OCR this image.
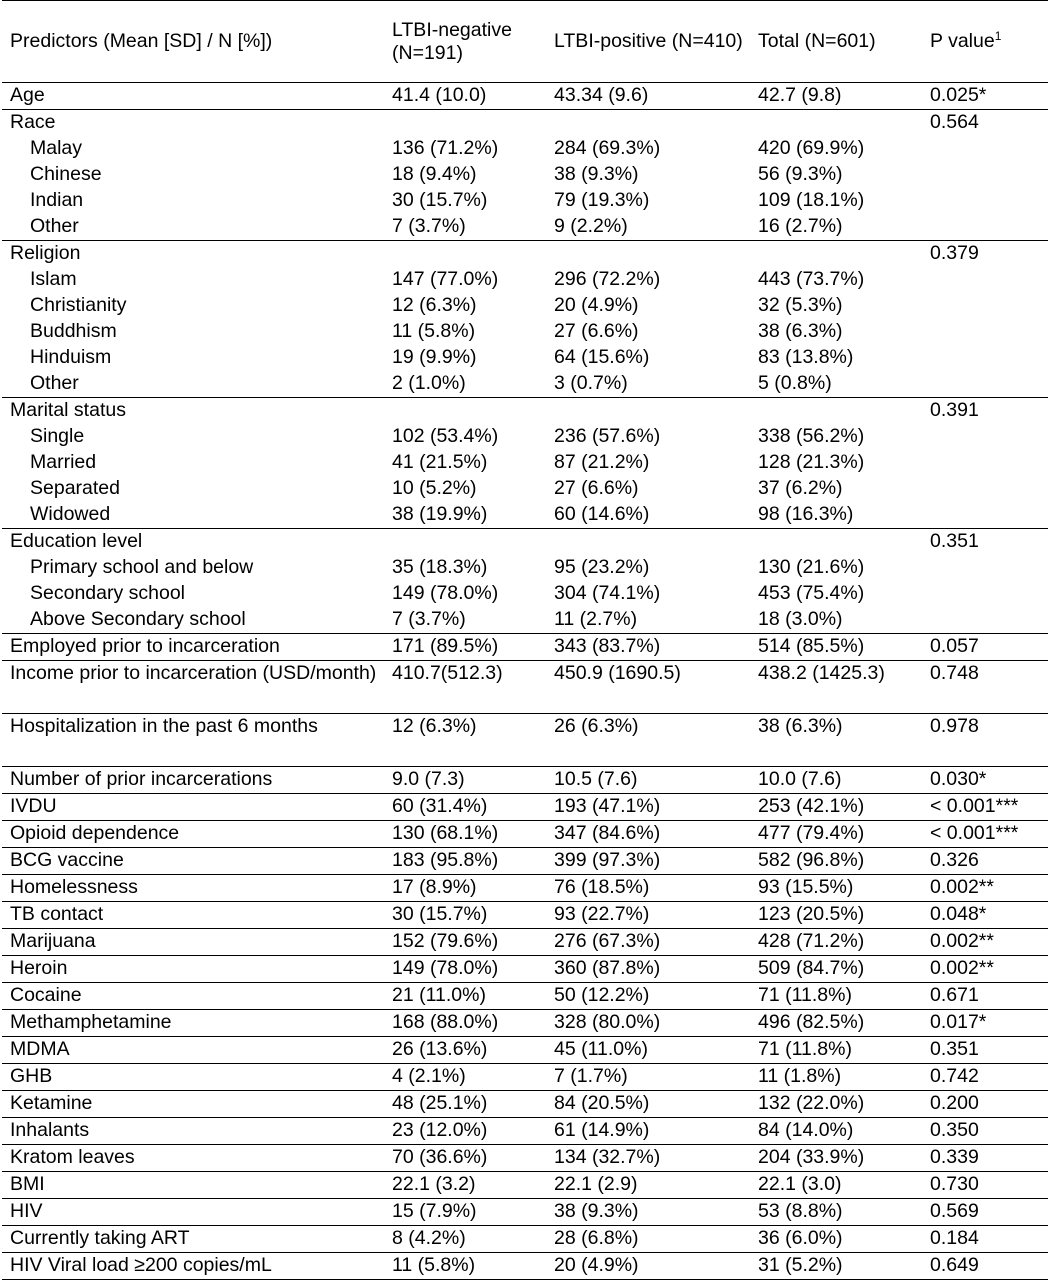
Predictors (Mean [SD] / N [%])	LTBI-negative (N=191)	LTBI-positive (N=410)	Total (N=601)	P value$^1$
Age	41.4 (10.0)	43.34 (9.6)	42.7 (9.8)	0.025*
Race				0.564
Malay	136 (71.2%)	284 (69.3%)	420 (69.9%)	
Chinese	18 (9.4%)	38 (9.3%)	56 (9.3%)	
Indian	30 (15.7%)	79 (19.3%)	109 (18.1%)	
Other	7 (3.7%)	9 (2.2%)	16 (2.7%)	
Religion				0.379
Islam	147 (77.0%)	296 (72.2%)	443 (73.7%)	
Christianity	12 (6.3%)	20 (4.9%)	32 (5.3%)	
Buddhism	11 (5.8%)	27 (6.6%)	38 (6.3%)	
Hinduism	19 (9.9%)	64 (15.6%)	83 (13.8%)	
Other	2 (1.0%)	3 (0.7%)	5 (0.8%)	
Marital status				0.391
Single	102 (53.4%)	236 (57.6%)	338 (56.2%)	
Married	41 (21.5%)	87 (21.2%)	128 (21.3%)	
Separated	10 (5.2%)	27 (6.6%)	37 (6.2%)	
Widowed	38 (19.9%)	60 (14.6%)	98 (16.3%)	
Education level				0.351
Primary school and below	35 (18.3%)	95 (23.2%)	130 (21.6%)	
Secondary school	149 (78.0%)	304 (74.1%)	453 (75.4%)	
Above Secondary school	7 (3.7%)	11 (2.7%)	18 (3.0%)	
Employed prior to incarceration	171 (89.5%)	343 (83.7%)	514 (85.5%)	0.057
Income prior to incarceration (USD/month)	410.7(512.3)	450.9 (1690.5)	438.2 (1425.3)	0.748
Hospitalization in the past 6 months	12 (6.3%)	26 (6.3%)	38 (6.3%)	0.978
Number of prior incarcerations	9.0 (7.3)	10.5 (7.6)	10.0 (7.6)	0.030*
IVDU	60 (31.4%)	193 (47.1%)	253 (42.1%)	< 0.001***
Opioid dependence	130 (68.1%)	347 (84.6%)	477 (79.4%)	< 0.001***
BCG vaccine	183 (95.8%)	399 (97.3%)	582 (96.8%)	0.326
Homelessness	17 (8.9%)	76 (18.5%)	93 (15.5%)	0.002**
TB contact	30 (15.7%)	93 (22.7%)	123 (20.5%)	0.048*
Marijuana	152 (79.6%)	276 (67.3%)	428 (71.2%)	0.002**
Heroin	149 (78.0%)	360 (87.8%)	509 (84.7%)	0.002**
Cocaine	21 (11.0%)	50 (12.2%)	71 (11.8%)	0.671
Methamphetamine	168 (88.0%)	328 (80.0%)	496 (82.5%)	0.017*
MDMA	26 (13.6%)	45 (11.0%)	71 (11.8%)	0.351
GHB	4 (2.1%)	7 (1.7%)	11 (1.8%)	0.742
Ketamine	48 (25.1%)	84 (20.5%)	132 (22.0%)	0.200
Inhalants	23 (12.0%)	61 (14.9%)	84 (14.0%)	0.350
Kratom leaves	70 (36.6%)	134 (32.7%)	204 (33.9%)	0.339
BMI	22.1 (3.2)	22.1 (2.9)	22.1 (3.0)	0.730
HIV	15 (7.9%)	38 (9.3%)	53 (8.8%)	0.569
Currently taking ART	8 (4.2%)	28 (6.8%)	36 (6.0%)	0.184
HIV Viral load ≥200 copies/mL	11 (5.8%)	20 (4.9%)	31 (5.2%)	0.649
